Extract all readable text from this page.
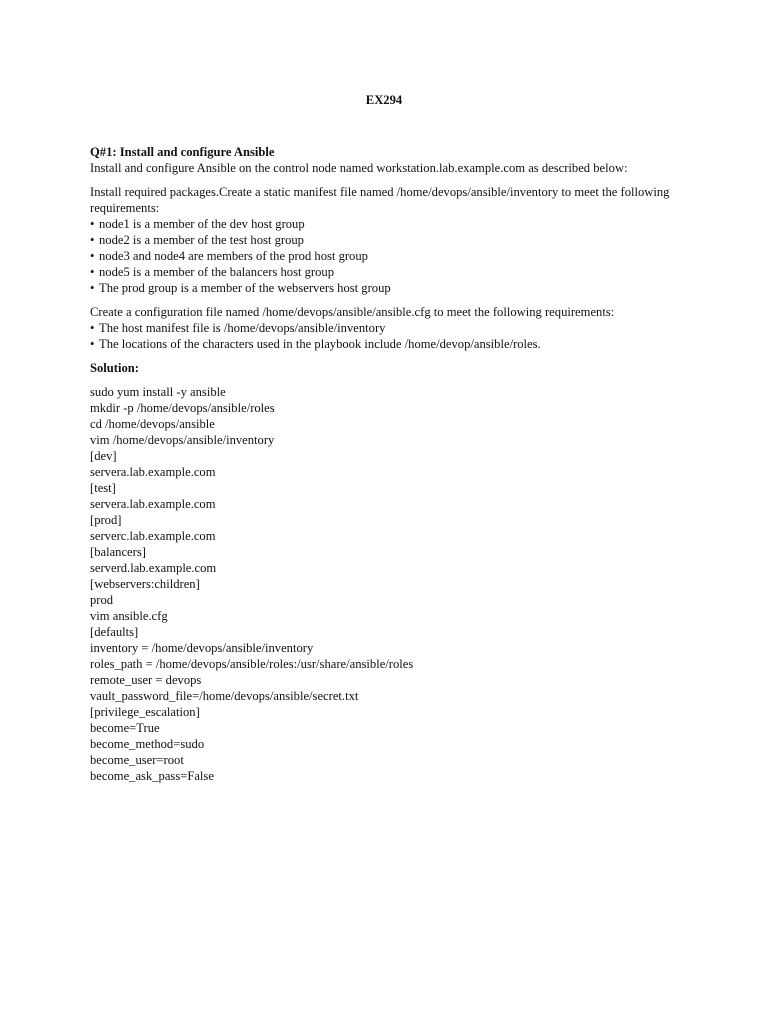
EX294

Q#1: Install and configure Ansible

Install and configure Ansible on the control node named workstation.lab.example.com as described below:

Install required packages.Create a static manifest file named /home/devops/ansible/inventory to meet the following requirements:

• node1 is a member of the dev host group

• node2 is a member of the test host group

• node3 and node4 are members of the prod host group

• node5 is a member of the balancers host group

• The prod group is a member of the webservers host group

Create a configuration file named /home/devops/ansible/ansible.cfg to meet the following requirements:

• The host manifest file is /home/devops/ansible/inventory

• The locations of the characters used in the playbook include /home/devop/ansible/roles.

Solution:

sudo yum install -y ansible

mkdir -p /home/devops/ansible/roles

cd /home/devops/ansible

vim /home/devops/ansible/inventory

[dev]

servera.lab.example.com

[test]

servera.lab.example.com

[prod]

serverc.lab.example.com

[balancers]

serverd.lab.example.com

[webservers:children]

prod

vim ansible.cfg

[defaults]

inventory = /home/devops/ansible/inventory

roles_path = /home/devops/ansible/roles:/usr/share/ansible/roles

remote_user = devops

vault_password_file=/home/devops/ansible/secret.txt

[privilege_escalation]

become=True

become_method=sudo

become_user=root

become_ask_pass=False
